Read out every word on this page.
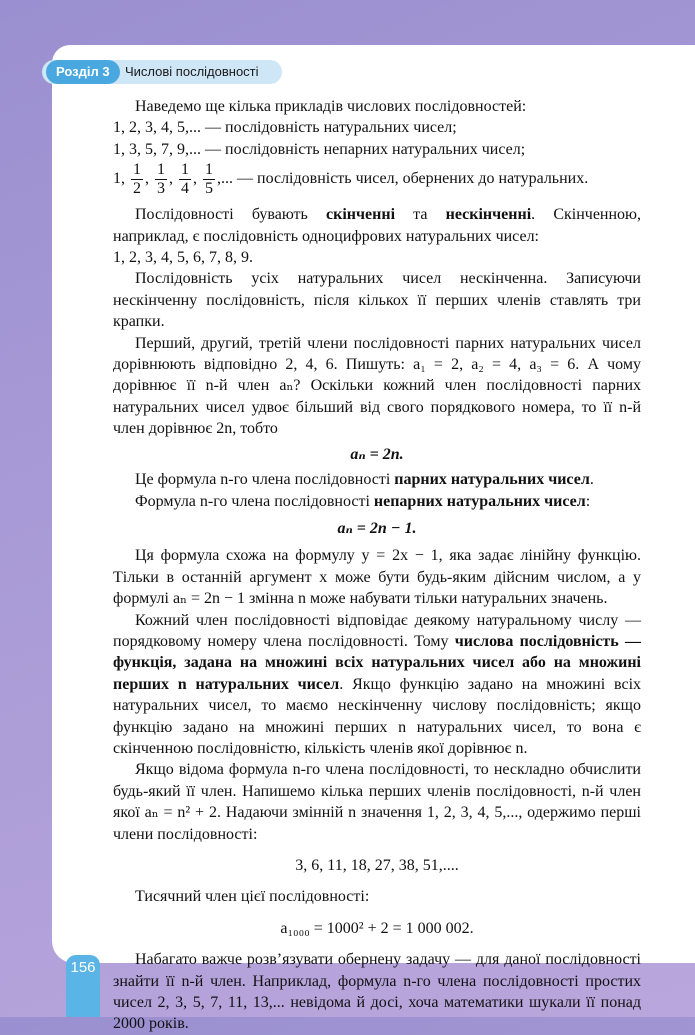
Розділ 3	Числові послідовності

Наведемо ще кілька прикладів числових послідовностей:

1, 2, 3, 4, 5,... — послідовність натуральних чисел;

1, 3, 5, 7, 9,... — послідовність непарних натуральних чисел;

1, $\frac{1}{2}$ , $\frac{1}{3}$ , $\frac{1}{4}$ , $\frac{1}{5}$ ,... — послідовність чисел, обернених до натуральних.

Послідовності бувають скінченні та нескінченні. Скінченною, наприклад, є послідовність одноцифрових натуральних чисел:

1, 2, 3, 4, 5, 6, 7, 8, 9.

Послідовність усіх натуральних чисел нескінченна. Записуючи нескінченну послідовність, після кількох її перших членів ставлять три крапки.

Перший, другий, третій члени послідовності парних натуральних чисел дорівнюють відповідно 2, 4, 6. Пишуть: a₁ = 2, a₂ = 4, a₃ = 6. А чому дорівнює її n-й член aₙ? Оскільки кожний член послідовності парних натуральних чисел удвоє більший від свого порядкового номера, то її n-й член дорівнює 2n, тобто

aₙ = 2n.

Це формула n-го члена послідовності парних натуральних чисел.

Формула n-го члена послідовності непарних натуральних чисел:

aₙ = 2n − 1.

Ця формула схожа на формулу y = 2x − 1, яка задає лінійну функцію. Тільки в останній аргумент x може бути будь-яким дійсним числом, а у формулі aₙ = 2n − 1 змінна n може набувати тільки натуральних значень.

Кожний член послідовності відповідає деякому натуральному числу — порядковому номеру члена послідовності. Тому числова послідовність — функція, задана на множині всіх натуральних чисел або на множині перших n натуральних чисел. Якщо функцію задано на множині всіх натуральних чисел, то маємо нескінченну числову послідовність; якщо функцію задано на множині перших n натуральних чисел, то вона є скінченною послідовністю, кількість членів якої дорівнює n.

Якщо відома формула n-го члена послідовності, то нескладно обчислити будь-який її член. Напишемо кілька перших членів послідовності, n-й член якої aₙ = n² + 2. Надаючи змінній n значення 1, 2, 3, 4, 5,..., одержимо перші члени послідовності:

3, 6, 11, 18, 27, 38, 51,....

Тисячний член цієї послідовності:

a₁₀₀₀ = 1000² + 2 = 1 000 002.

Набагато важче розв’язувати обернену задачу — для даної послідовності знайти її n-й член. Наприклад, формула n-го члена послідовності простих чисел 2, 3, 5, 7, 11, 13,... невідома й досі, хоча математики шукали її понад 2000 років.

156
